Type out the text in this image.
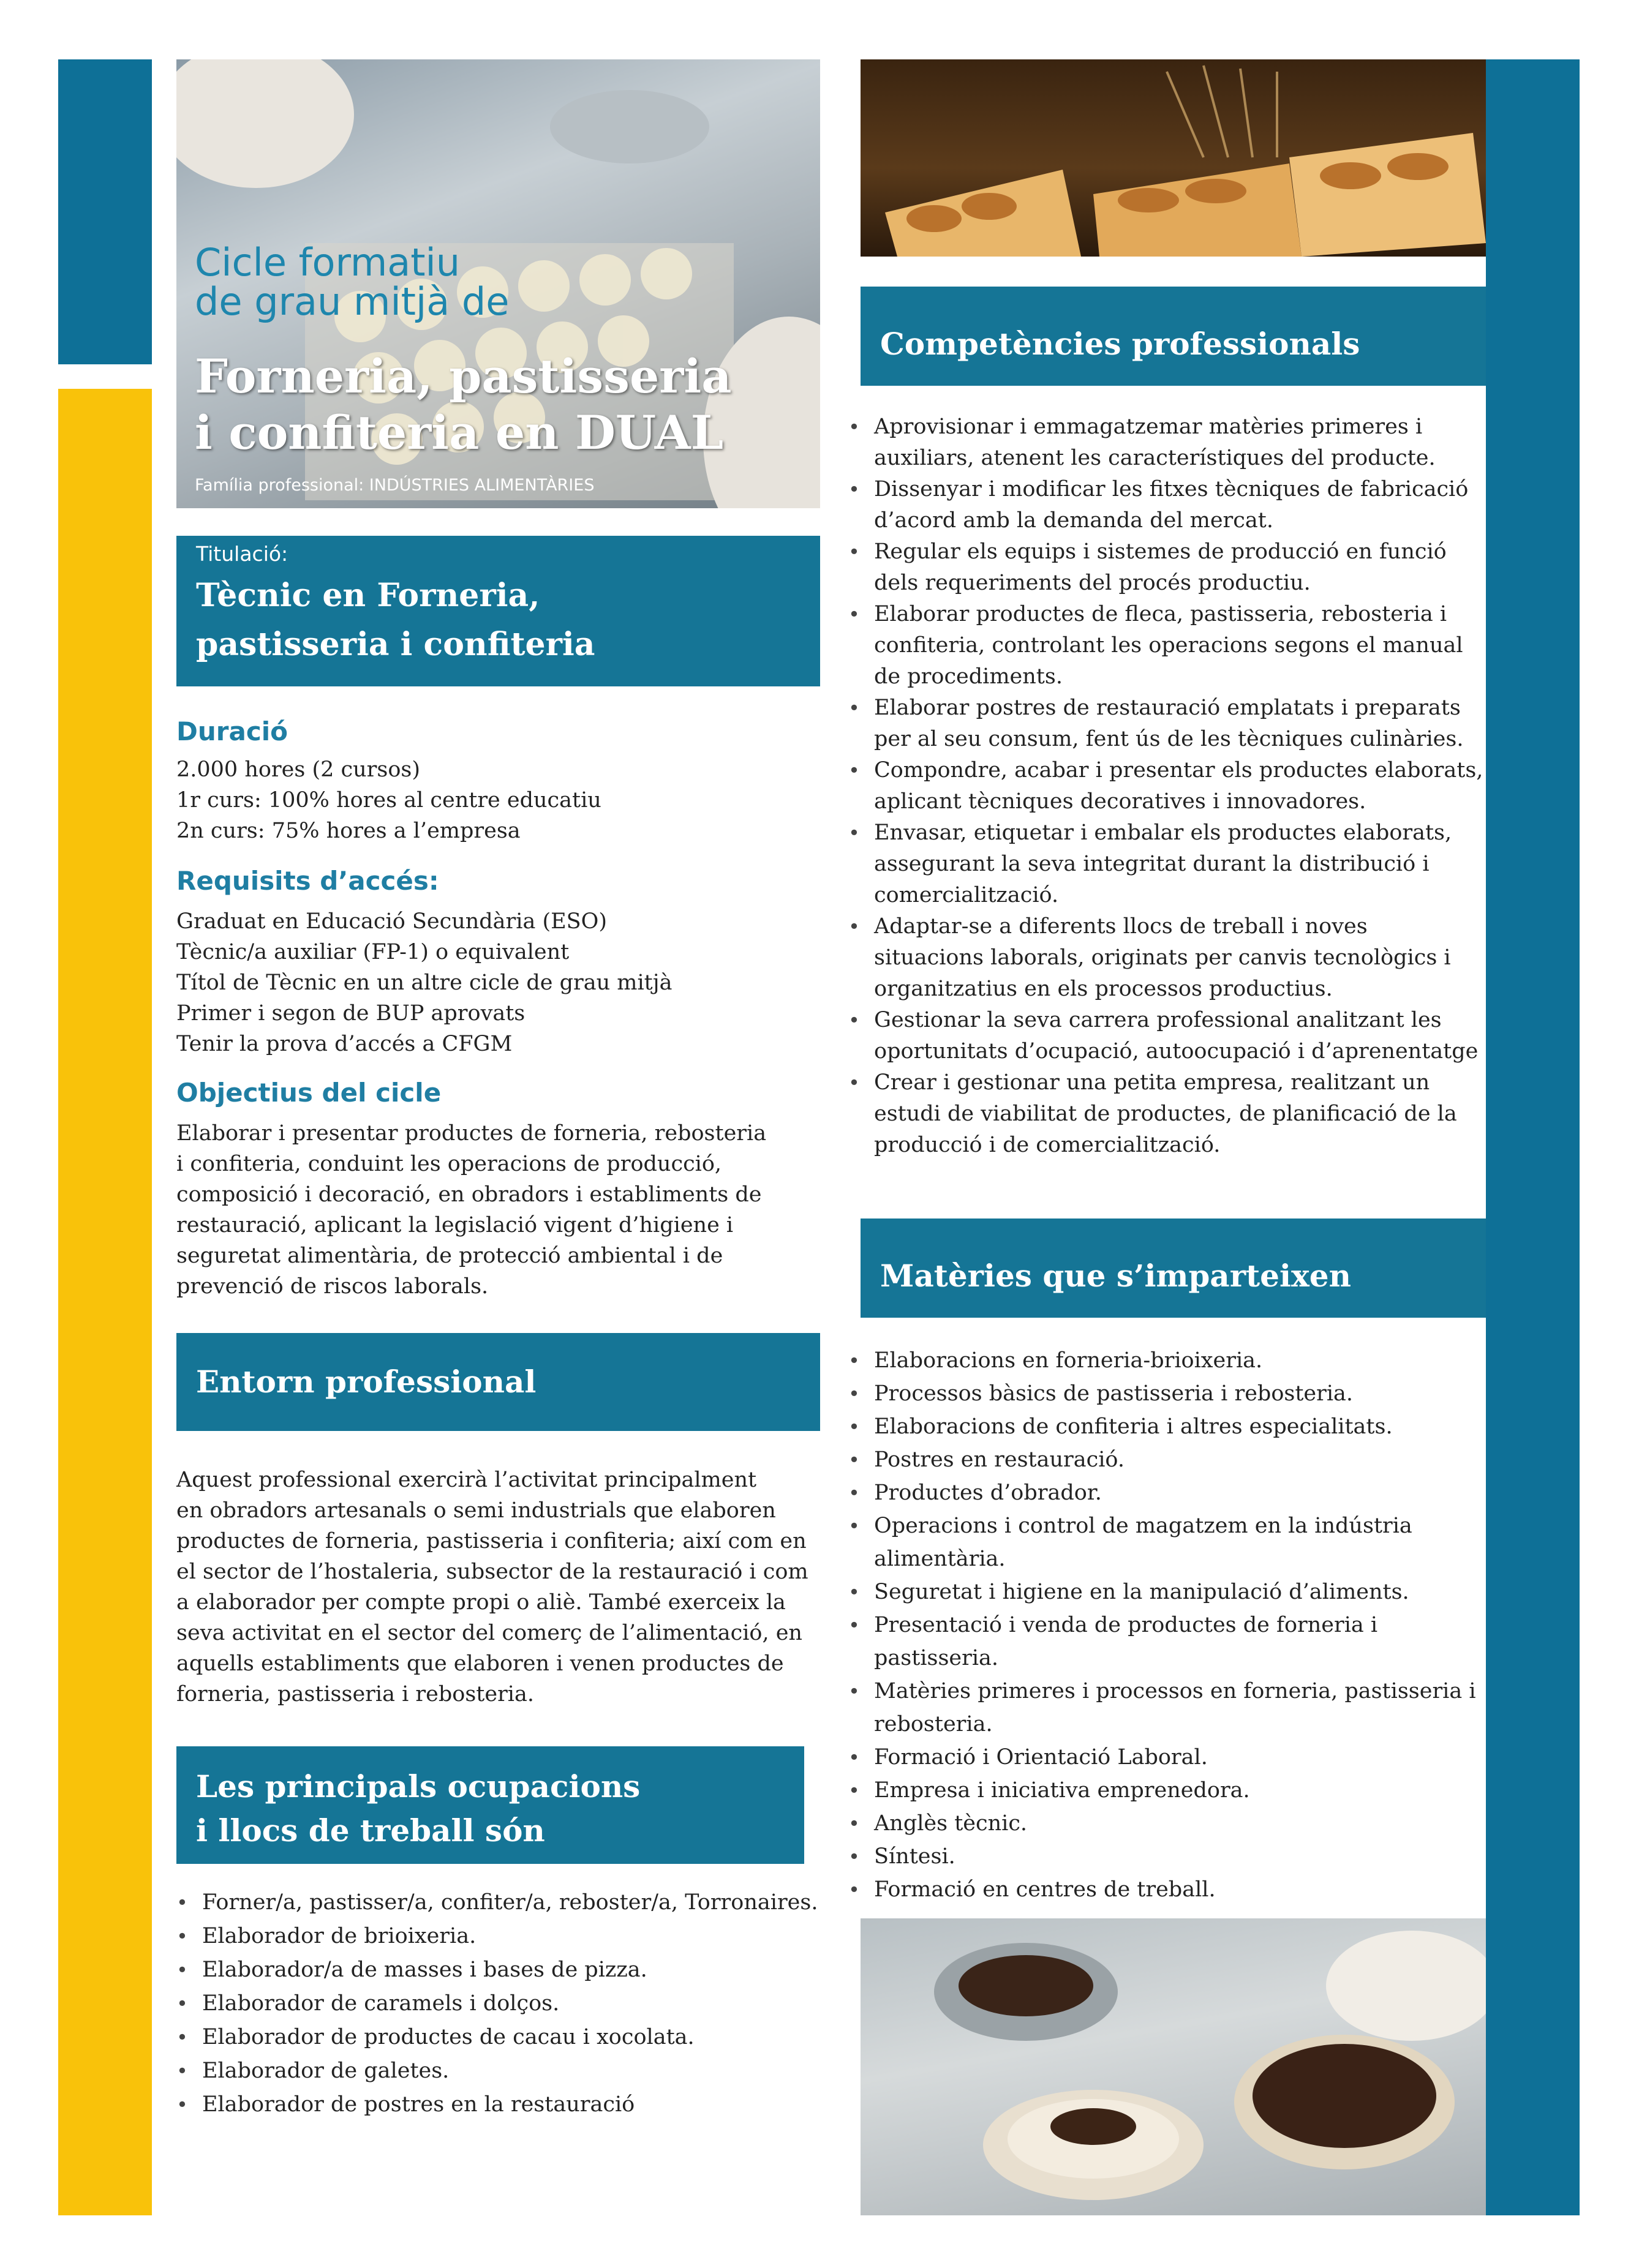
Cicle formatiu
de grau mitjà de
Forneria, pastisseria
i confiteria en DUAL
Família professional: INDÚSTRIES ALIMENTÀRIES
Titulació:
Tècnic en Forneria,
pastisseria i confiteria
Duració
2.000 hores (2 cursos)
1r curs: 100% hores al centre educatiu
2n curs: 75% hores a l’empresa
Requisits d’accés:
Graduat en Educació Secundària (ESO)
Tècnic/a auxiliar (FP-1) o equivalent
Títol de Tècnic en un altre cicle de grau mitjà
Primer i segon de BUP aprovats
Tenir la prova d’accés a CFGM
Objectius del cicle
Elaborar i presentar productes de forneria, rebosteria
i confiteria, conduint les operacions de producció,
composició i decoració, en obradors i establiments de
restauració, aplicant la legislació vigent d’higiene i
seguretat alimentària, de protecció ambiental i de
prevenció de riscos laborals.
Entorn professional
Aquest professional exercirà l’activitat principalment
en obradors artesanals o semi industrials que elaboren
productes de forneria, pastisseria i confiteria; així com en
el sector de l’hostaleria, subsector de la restauració i com
a elaborador per compte propi o aliè. També exerceix la
seva activitat en el sector del comerç de l’alimentació, en
aquells establiments que elaboren i venen productes de
forneria, pastisseria i rebosteria.
Les principals ocupacions
i llocs de treball són
• Forner/a, pastisser/a, confiter/a, reboster/a, Torronaires.
• Elaborador de brioixeria.
• Elaborador/a de masses i bases de pizza.
• Elaborador de caramels i dolços.
• Elaborador de productes de cacau i xocolata.
• Elaborador de galetes.
• Elaborador de postres en la restauració
Competències professionals
• Aprovisionar i emmagatzemar matèries primeres i
auxiliars, atenent les característiques del producte.
• Dissenyar i modificar les fitxes tècniques de fabricació
d’acord amb la demanda del mercat.
• Regular els equips i sistemes de producció en funció
dels requeriments del procés productiu.
• Elaborar productes de fleca, pastisseria, rebosteria i
confiteria, controlant les operacions segons el manual
de procediments.
• Elaborar postres de restauració emplatats i preparats
per al seu consum, fent ús de les tècniques culinàries.
• Compondre, acabar i presentar els productes elaborats,
aplicant tècniques decoratives i innovadores.
• Envasar, etiquetar i embalar els productes elaborats,
assegurant la seva integritat durant la distribució i
comercialització.
• Adaptar-se a diferents llocs de treball i noves
situacions laborals, originats per canvis tecnològics i
organitzatius en els processos productius.
• Gestionar la seva carrera professional analitzant les
oportunitats d’ocupació, autoocupació i d’aprenentatge
• Crear i gestionar una petita empresa, realitzant un
estudi de viabilitat de productes, de planificació de la
producció i de comercialització.
Matèries que s’imparteixen
• Elaboracions en forneria-brioixeria.
• Processos bàsics de pastisseria i rebosteria.
• Elaboracions de confiteria i altres especialitats.
• Postres en restauració.
• Productes d’obrador.
• Operacions i control de magatzem en la indústria
alimentària.
• Seguretat i higiene en la manipulació d’aliments.
• Presentació i venda de productes de forneria i pastisseria.
• Matèries primeres i processos en forneria, pastisseria i
rebosteria.
• Formació i Orientació Laboral.
• Empresa i iniciativa emprenedora.
• Anglès tècnic.
• Síntesi.
• Formació en centres de treball.
